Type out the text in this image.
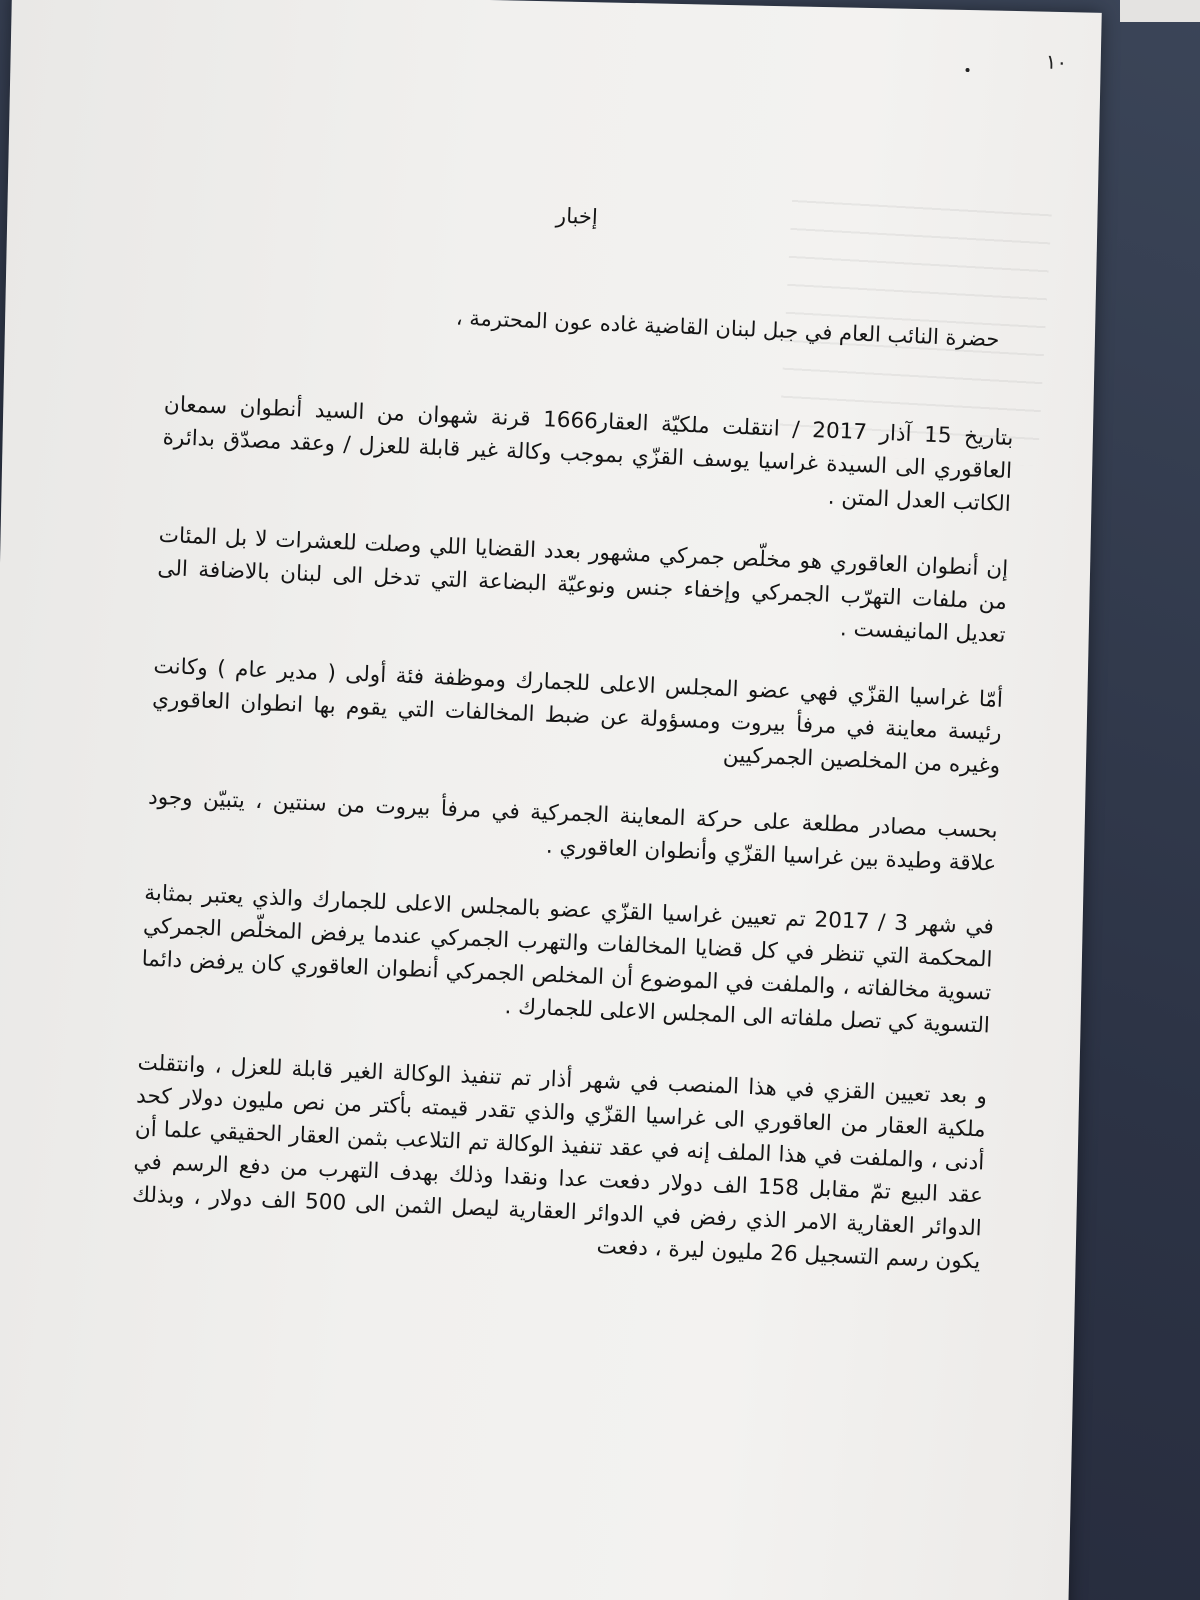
١٠
إخبار
حضرة النائب العام في جبل لبنان القاضية غاده عون المحترمة ،

بتاريخ 15 آذار 2017 / انتقلت ملكيّة العقار1666 قرنة شهوان من السيد أنطوان سمعان العاقوري الى السيدة غراسيا يوسف القزّي بموجب وكالة غير قابلة للعزل / وعقد مصدّق بدائرة الكاتب العدل المتن .

إن أنطوان العاقوري هو مخلّص جمركي مشهور بعدد القضايا اللي وصلت للعشرات لا بل المئات من ملفات التهرّب الجمركي وإخفاء جنس ونوعيّة البضاعة التي تدخل الى لبنان بالاضافة الى تعديل المانيفست .

أمّا غراسيا القزّي فهي عضو المجلس الاعلى للجمارك وموظفة فئة أولى ( مدير عام ) وكانت رئيسة معاينة في مرفأ بيروت ومسؤولة عن ضبط المخالفات التي يقوم بها انطوان العاقوري وغيره من المخلصين الجمركيين

بحسب مصادر مطلعة على حركة المعاينة الجمركية في مرفأ بيروت من سنتين ، يتبيّن وجود علاقة وطيدة بين غراسيا القزّي وأنطوان العاقوري .

في شهر 3 / 2017 تم تعيين غراسيا القزّي عضو بالمجلس الاعلى للجمارك والذي يعتبر بمثابة المحكمة التي تنظر في كل قضايا المخالفات والتهرب الجمركي عندما يرفض المخلّص الجمركي تسوية مخالفاته ، والملفت في الموضوع أن المخلص الجمركي أنطوان العاقوري كان يرفض دائما التسوية كي تصل ملفاته الى المجلس الاعلى للجمارك .

و بعد تعيين القزي في هذا المنصب في شهر أذار تم تنفيذ الوكالة الغير قابلة للعزل ، وانتقلت ملكية العقار من العاقوري الى غراسيا القزّي والذي تقدر قيمته بأكتر من نص مليون دولار كحد أدنى ، والملفت في هذا الملف إنه في عقد تنفيذ الوكالة تم التلاعب بثمن العقار الحقيقي علما أن عقد البيع تمّ مقابل 158 الف دولار دفعت عدا ونقدا وذلك بهدف التهرب من دفع الرسم في الدوائر العقارية الامر الذي رفض في الدوائر العقارية ليصل الثمن الى 500 الف دولار ، وبذلك يكون رسم التسجيل 26 مليون ليرة ، دفعت
